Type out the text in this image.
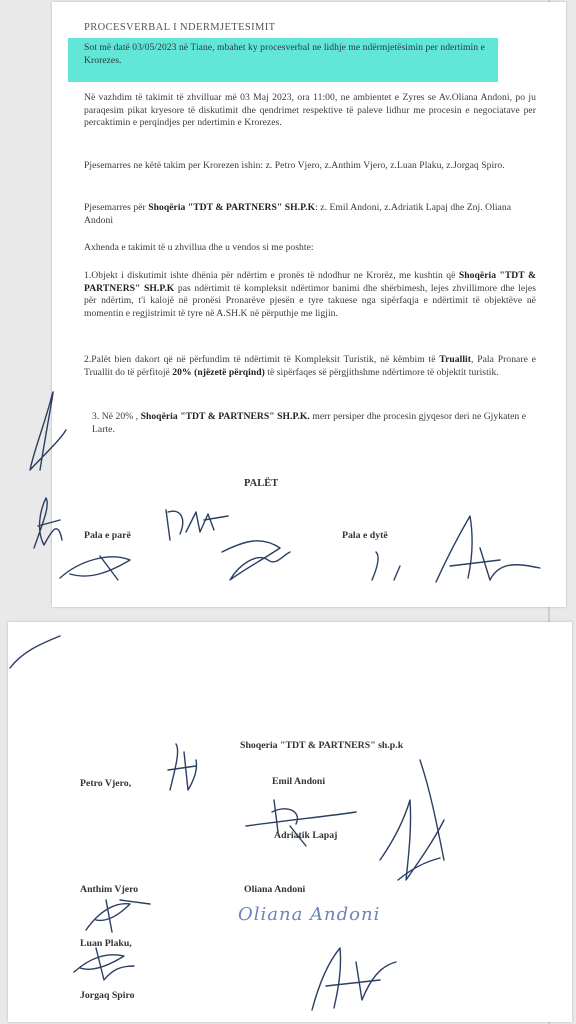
PROCESVERBAL I NDERMJETESIMIT
Sot më datë 03/05/2023 në Tiane, mbahet ky procesverbal ne lidhje me ndërmjetësimin per ndertimin e Krorezes.
Në vazhdim të takimit të zhvilluar më 03 Maj 2023, ora 11:00, ne ambientet e Zyres se Av.Oliana Andoni, po ju paraqesim pikat kryesore të diskutimit dhe qendrimet respektive të paleve lidhur me procesin e negociatave per percaktimin e perqindjes per ndertimin e Krorezes.
Pjesemarres ne këtë takim per Krorezen ishin: z. Petro Vjero, z.Anthim Vjero, z.Luan Plaku, z.Jorgaq Spiro.
Pjesemarres për Shoqëria "TDT & PARTNERS" SH.P.K: z. Emil Andoni, z.Adriatik Lapaj dhe Znj. Oliana Andoni
Axhenda e takimit të u zhvillua dhe u vendos si me poshte:
1.Objekt i diskutimit ishte dhënia për ndërtim e pronës të ndodhur ne Krorëz, me kushtin që Shoqëria "TDT & PARTNERS" SH.P.K pas ndërtimit të kompleksit ndërtimor banimi dhe shërbimesh, lejes zhvillimore dhe lejes për ndërtim, t'i kalojë në pronësi Pronarëve pjesën e tyre takuese nga sipërfaqja e ndërtimit të objektëve në momentin e regjistrimit të tyre në A.SH.K në përputhje me ligjin.
2.Palët bien dakort që në përfundim të ndërtimit të Kompleksit Turistik, në këmbim të Truallit, Pala Pronare e Truallit do të përfitojë 20% (njëzetë përqind) të sipërfaqes së përgjithshme ndërtimore të objektit turistik.
3. Në 20% , Shoqëria "TDT & PARTNERS" SH.P.K. merr persiper dhe procesin gjyqesor deri ne Gjykaten e Larte.
PALËT
Pala e parë	Pala e dytë
Shoqeria "TDT & PARTNERS" sh.p.k
Petro Vjero,	Emil Andoni
Adriatik Lapaj
Anthim Vjero	Oliana Andoni
Oliana Andoni
Luan Plaku,
Jorgaq Spiro
